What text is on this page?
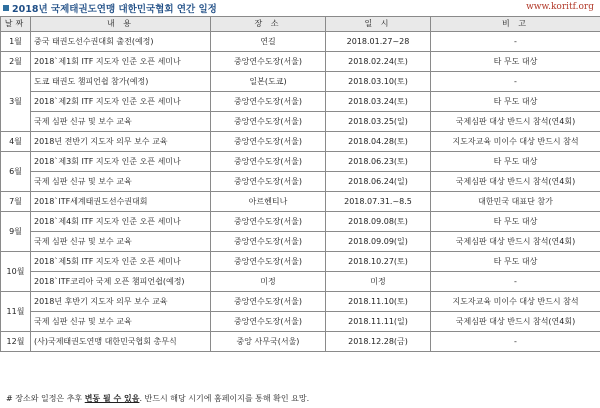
2018년 국제태권도연맹 대한민국협회 연간 일정	www.koritf.org
날짜	내 용	장 소	일 시	비 고
1월	중국 태권도선수권대회 출전(예정)	연길	2018.01.27~28	-
2월	2018`제1회 ITF 지도자 인준 오픈 세미나	중앙연수도장(서울)	2018.02.24(토)	타 무도 대상
3월	도쿄 태권도 챔피언쉽 참가(예정)	일본(도쿄)	2018.03.10(토)	-
	2018`제2회 ITF 지도자 인준 오픈 세미나	중앙연수도장(서울)	2018.03.24(토)	타 무도 대상
	국제 심판 신규 및 보수 교육	중앙연수도장(서울)	2018.03.25(일)	국제심판 대상 반드시 참석(연4회)
4월	2018년 전반기 지도자 의무 보수 교육	중앙연수도장(서울)	2018.04.28(토)	지도자교육 미이수 대상 반드시 참석
6월	2018`제3회 ITF 지도자 인준 오픈 세미나	중앙연수도장(서울)	2018.06.23(토)	타 무도 대상
	국제 심판 신규 및 보수 교육	중앙연수도장(서울)	2018.06.24(일)	국제심판 대상 반드시 참석(연4회)
7월	2018`ITF세계태권도선수권대회	아르헨티나	2018.07.31.~8.5	대한민국 대표단 참가
9월	2018`제4회 ITF 지도자 인준 오픈 세미나	중앙연수도장(서울)	2018.09.08(토)	타 무도 대상
	국제 심판 신규 및 보수 교육	중앙연수도장(서울)	2018.09.09(일)	국제심판 대상 반드시 참석(연4회)
10월	2018`제5회 ITF 지도자 인준 오픈 세미나	중앙연수도장(서울)	2018.10.27(토)	타 무도 대상
	2018`ITF코리아 국제 오픈 챔피언쉽(예정)	미정	미정	-
11월	2018년 후반기 지도자 의무 보수 교육	중앙연수도장(서울)	2018.11.10(토)	지도자교육 미이수 대상 반드시 참석
	국제 심판 신규 및 보수 교육	중앙연수도장(서울)	2018.11.11(일)	국제심판 대상 반드시 참석(연4회)
12월	(사)국제태권도연맹 대한민국협회 총무식	중앙 사무국(서울)	2018.12.28(금)	-
# 장소와 일정은 추후 변동 될 수 있음. 반드시 해당 시기에 홈페이지를 통해 확인 요망.
